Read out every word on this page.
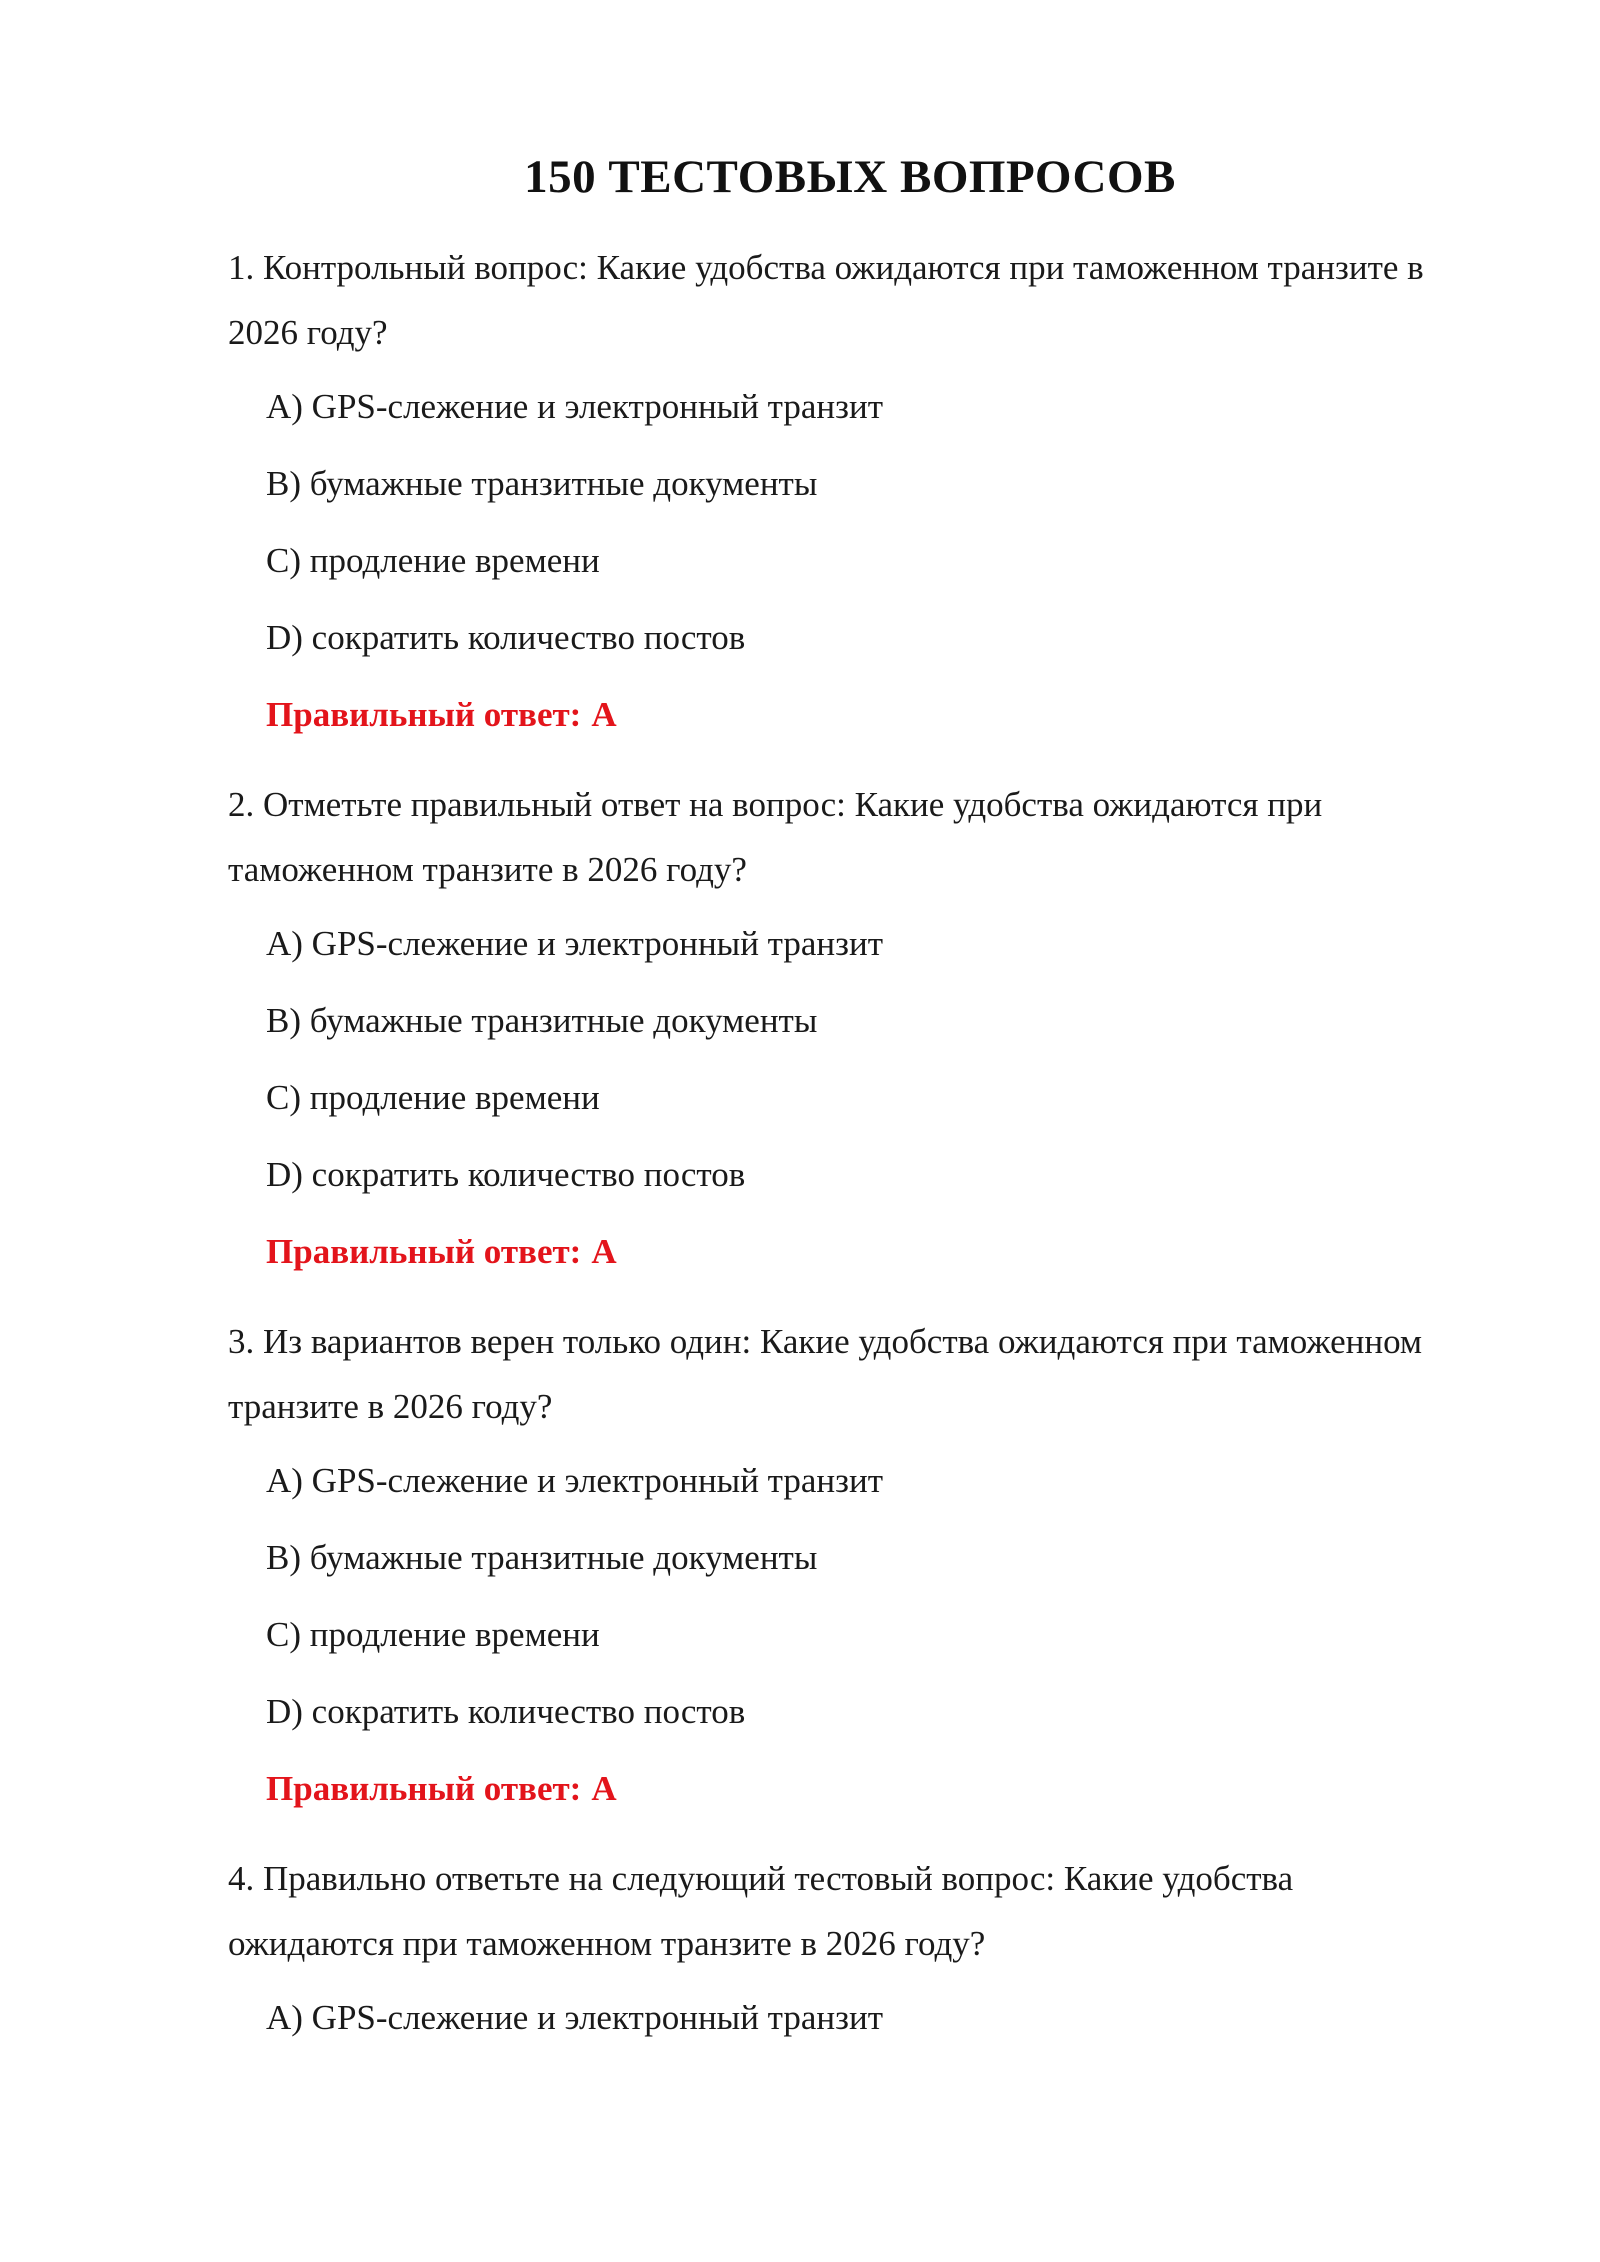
150 ТЕСТОВЫХ ВОПРОСОВ
1. Контрольный вопрос: Какие удобства ожидаются при таможенном транзите в 2026 году?
A) GPS-слежение и электронный транзит
B) бумажные транзитные документы
C) продление времени
D) сократить количество постов
Правильный ответ: A
2. Отметьте правильный ответ на вопрос: Какие удобства ожидаются при таможенном транзите в 2026 году?
A) GPS-слежение и электронный транзит
B) бумажные транзитные документы
C) продление времени
D) сократить количество постов
Правильный ответ: A
3. Из вариантов верен только один: Какие удобства ожидаются при таможенном транзите в 2026 году?
A) GPS-слежение и электронный транзит
B) бумажные транзитные документы
C) продление времени
D) сократить количество постов
Правильный ответ: A
4. Правильно ответьте на следующий тестовый вопрос: Какие удобства ожидаются при таможенном транзите в 2026 году?
A) GPS-слежение и электронный транзит
